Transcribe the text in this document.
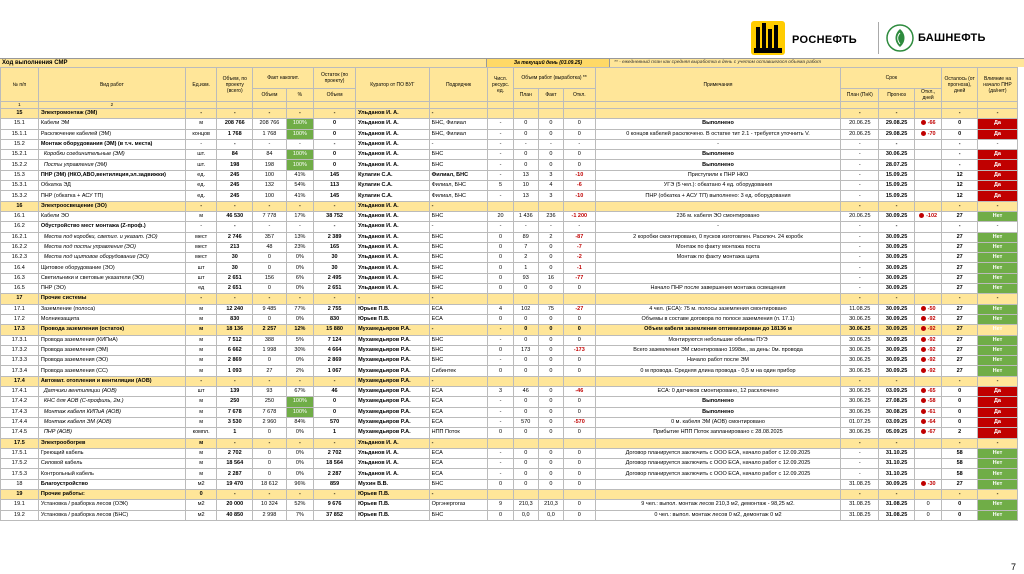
РОСНЕФТЬ	БАШНЕФТЬ
Ход выполнения СМР	За текущий день (03.09.25)	** - ежедневный план как средняя выработка в день с учетом оставшегося объема работ
№ п/п	Вид работ	Ед.изм.	Объем, по проекту (всего)	Факт накопит.		Остаток (по проекту)	Куратор от ПО ВУГ	Подрядчик	Числ. ресурс. ед.	Объем работ (выработка) **			Примечания	Срок			Осталось (от прогноза), дней	Влияние на начало ПНР (да/нет)
				Объем	%	Объем				План	Факт	Откл.		План (ПнК)	Прогноз	Откл., дней		
1	2																	
15	Электромонтаж (ЭМ)	-	-	-	-	-	Ульданов И. А.	-						-	-		-	-
15.1	Кабели ЭМ	м	208 766	208 766	100%	0	Ульданов И. А.	БНС, Филиал	-	0	0	0	Выполнено	20.06.25	29.08.25	-66	0	Да
15.1.1	Расключение кабелей (ЭМ)	концов	1 768	1 768	100%	0	Ульданов И. А.	БНС, Филиал	-	0	0	0	0 концов кабелей расключено. В остатке тит 2.1 - требуется уточнить V.	20.06.25	29.08.25	-70	0	Да
15.2	Монтаж оборудования (ЭМ) (в т.ч. места)	-	-	-	-	-	Ульданов И. А.	-	-	-	-	-	-	-	-		-	-
15.2.1	Коробки соединительные (ЭМ)	шт.	84	84	100%	0	Ульданов И. А.	БНС	-	0	0	0	Выполнено	-	30.06.25		-	Да
15.2.2	Посты управления (ЭМ)	шт.	198	198	100%	0	Ульданов И. А.	БНС	-	0	0	0	Выполнено	-	28.07.25		-	Да
15.3	ПНР (ЭМ) (НКО,АВО,вентиляция,эл.задвижки)	ед.	245	100	41%	145	Кулагин С.А.	Филиал, БНС	-	13	3	-10	Приступили к ПНР НКО	-	15.09.25		12	Да
15.3.1	Обкатка ЭД	ед.	245	132	54%	113	Кулагин С.А.	Филиал, БНС	5	10	4	-6	УГЭ (5 чел.): обкатано 4 ед. оборудования	-	15.09.25		12	Да
15.3.2	ПНР (обкатка + АСУ ТП)	ед.	245	100	41%	145	Кулагин С.А.	Филиал, БНС	-	13	3	-10	ПНР (обкатка + АСУ ТП) выполнено: 3 ед. оборудования	-	15.09.25		12	Да
16	Электроосвещение (ЭО)	-	-	-	-	-	Ульданов И. А.	-						-	-		-	-
16.1	Кабели ЭО	м	46 530	7 778	17%	38 752	Ульданов И. А.	БНС	20	1 436	236	-1 200	236 м. кабеля ЭО смонтировано	20.06.25	30.09.25	-102	27	Нет
16.2	Обустройство мест монтажа (Z-проф.)	-	-	-	-	-	Ульданов И. А.	-	-	-	-	-	-	-	-		-	-
16.2.1	Места под коробки, светил. и указат. (ЭО)	мест	2 746	357	13%	2 389	Ульданов И. А.	БНС	0	89	2	-87	2 коробки смонтировано, 0 пусков изготовлен. Расключ. 24 коробк	-	30.09.25		27	Нет
16.2.2	Места под посты управления (ЭО)	мест	213	48	23%	165	Ульданов И. А.	БНС	0	7	0	-7	Монтаж по факту монтажа поста	-	30.09.25		27	Нет
16.2.3	Места под щитовое оборудование (ЭО)	мест	30	0	0%	30	Ульданов И. А.	БНС	0	2	0	-2	Монтаж по факту монтажа щита	-	30.09.25		27	Нет
16.4	Щитовое оборудование (ЭО)	шт	30	0	0%	30	Ульданов И. А.	БНС	0	1	0	-1		-	30.09.25		27	Нет
16.3	Светильники и световые указатели (ЭО)	шт	2 651	156	6%	2 495	Ульданов И. А.	БНС	0	93	16	-77		-	30.09.25		27	Нет
16.5	ПНР (ЭО)	ед	2 651	0	0%	2 651	Ульданов И. А.	БНС	0	0	0	0	Начало ПНР после завершения монтажа освещения	-	30.09.25		27	Нет
17	Прочие системы	-	-	-	-	-	-	-						-	-		-	-
17.1	Заземление (полоса)	м	12 240	9 485	77%	2 755	Юрьев П.В.	ЕСА	4	102	75	-27	4 чел. (ЕСА): 75 м. полосы заземления смонтировано	11.08.25	30.09.25	-50	27	Нет
17.2	Молниезащита	м	830	0	0%	830	Юрьев П.В.	ЕСА	0	0	0	0	Объемы в составе договора по полосе заземления (п. 17.1)	30.06.25	30.09.25	-92	27	Нет
17.3	Провода заземления (остаток)	м	18 136	2 257	12%	15 880	Мухамедьяров Р.А.	-	-	0	0	0	Объем кабеля заземления оптимизирован до 18136 м	30.06.25	30.09.25	-92	27	Нет
17.3.1	Провода заземления (КИПиА)	м	7 512	388	5%	7 124	Мухамедьяров Р.А.	БНС	-	0	0	0	Монтируются небольшие объемы ПУЭ	30.06.25	30.09.25	-92	27	Нет
17.3.2	Провода заземления (ЭМ)	м	6 662	1 998	30%	4 664	Мухамедьяров Р.А.	БНС	0	173	0	-173	Всего заземления ЭМ смонтировано 1998м., за день: 0м. провода	30.06.25	30.09.25	-92	27	Нет
17.3.3	Провода заземления (ЭО)	м	2 869	0	0%	2 869	Мухамедьяров Р.А.	БНС	-	0	0	0	Начало работ после ЭМ	30.06.25	30.09.25	-92	27	Нет
17.3.4	Провода заземления (СС)	м	1 093	27	2%	1 067	Мухамедьяров Р.А.	Сибинтек	0	0	0	0	0 м провода. Средняя длина провода - 0,5 м на один прибор	30.06.25	30.09.25	-92	27	Нет
17.4	Автомат. отопления и вентиляции (АОВ)	-	-	-	-	-	Мухамедьяров Р.А.	-						-	-		-	-
17.4.1	Датчики вентиляции (АОВ)	шт	139	93	67%	46	Мухамедьяров Р.А.	ЕСА	3	46	0	-46	ЕСА: 0 датчиков смонтировано, 12 расключено	30.06.25	03.09.25	-65	0	Да
17.4.2	КНС для АОВ (С-профиль, 2м.)	м	250	250	100%	0	Мухамедьяров Р.А.	ЕСА	-	0	0	0	Выполнено	30.06.25	27.08.25	-58	0	Да
17.4.3	Монтаж кабеля КИПиА (АОВ)	м	7 678	7 678	100%	0	Мухамедьяров Р.А.	ЕСА	-	0	0	0	Выполнено	30.06.25	30.08.25	-61	0	Да
17.4.4	Монтаж кабеля ЭМ (АОВ)	м	3 530	2 960	84%	570	Мухамедьяров Р.А.	ЕСА	-	570	0	-570	0 м. кабеля ЭМ (АОВ) смонтировано	01.07.25	03.09.25	-64	0	Да
17.4.5	ПНР (АОВ)	компл.	1	0	0%	1	Мухамедьяров Р.А.	НПП Поток	0	0	0	0	Прибытие НПП Поток запланировано с 28.08.2025	30.06.25	05.09.25	-67	2	Да
17.5	Электрообогрев	м	-	-	-	-	Ульданов И. А.	-						-	-		-	-
17.5.1	Греющий кабель	м	2 702	0	0%	2 702	Ульданов И. А.	ЕСА	-	0	0	0	Договор планируется заключить с ООО ЕСА, начало работ с 12.09.2025	-	31.10.25		58	Нет
17.5.2	Силовой кабель	м	18 564	0	0%	18 564	Ульданов И. А.	ЕСА	-	0	0	0	Договор планируется заключить с ООО ЕСА, начало работ с 12.09.2025	-	31.10.25		58	Нет
17.5.3	Контрольный кабель	м	2 287	0	0%	2 287	Ульданов И. А.	ЕСА	-	0	0	0	Договор планируется заключить с ООО ЕСА, начало работ с 12.09.2025	-	31.10.25		58	Нет
18	Благоустройство	м2	19 470	18 612	96%	859	Мухин В.В.	БНС	0	0	0	0		31.08.25	30.09.25	-30	27	Нет
19	Прочие работы:	0	-	-	-	-	Юрьев П.В.	-						-	-		-	-
19.1	Установка / разборка лесов (ОЭК)	м2	20 000	10 324	52%	9 676	Юрьев П.В.	Оргэнергогаз	9	210,3	210,3	0	9 чел.: выпол. монтаж лесов 210,3 м2, демонтаж - 98,25 м2.	31.08.25	31.08.25	0	0	Нет
19.2	Установка / разборка лесов (БНС)	м2	40 850	2 998	7%	37 852	Юрьев П.В.	БНС	0	0,0	0,0	0	0 чел.: выпол. монтаж лесов 0 м2, демонтаж 0 м2	31.08.25	31.08.25	0	0	Нет
7
